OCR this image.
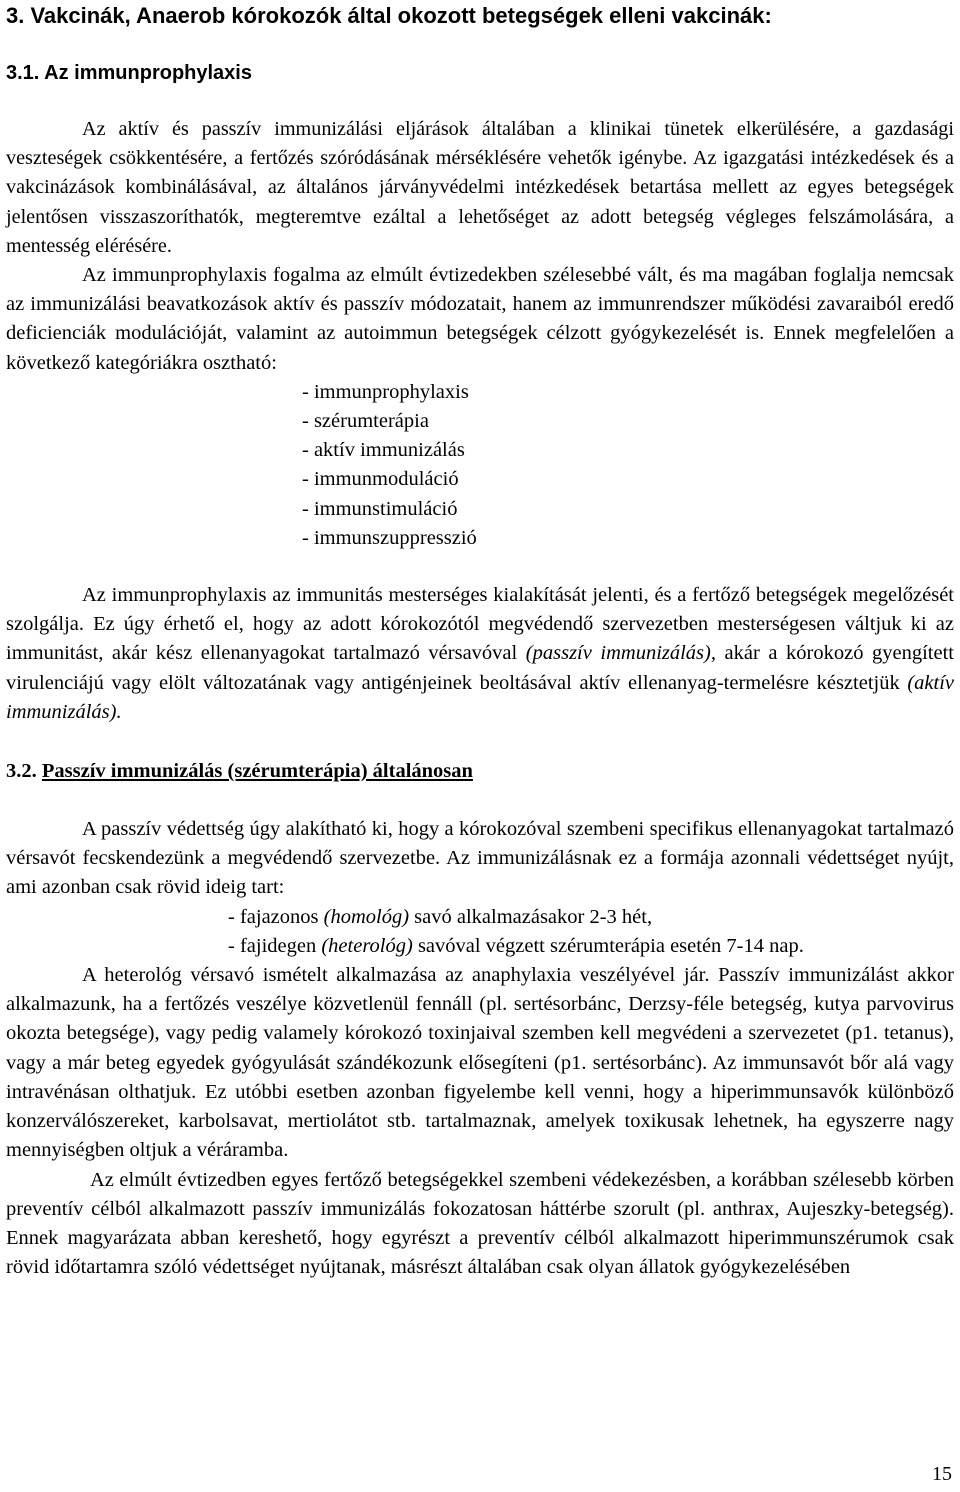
3. Vakcinák, Anaerob kórokozók által okozott betegségek elleni vakcinák:
3.1. Az immunprophylaxis

Az aktív és passzív immunizálási eljárások általában a klinikai tünetek elkerülésére, a gazdasági veszteségek csökkentésére, a fertőzés szóródásának mérséklésére vehetők igénybe. Az igazgatási intézkedések és a vakcinázások kombinálásával, az általános járványvédelmi intézkedések betartása mellett az egyes betegségek jelentősen visszaszoríthatók, megteremtve ezáltal a lehetőséget az adott betegség végleges felszámolására, a mentesség elérésére.

Az immunprophylaxis fogalma az elmúlt évtizedekben szélesebbé vált, és ma magában foglalja nemcsak az immunizálási beavatkozások aktív és passzív módozatait, hanem az immunrendszer működési zavaraiból eredő deficienciák modulációját, valamint az autoimmun betegségek célzott gyógykezelését is. Ennek megfelelően a következő kategóriákra osztható:

- immunprophylaxis
- szérumterápia
- aktív immunizálás
- immunmoduláció
- immunstimuláció
- immunszuppresszió

Az immunprophylaxis az immunitás mesterséges kialakítását jelenti, és a fertőző betegségek megelőzését szolgálja. Ez úgy érhető el, hogy az adott kórokozótól megvédendő szervezetben mesterségesen váltjuk ki az immunitást, akár kész ellenanyagokat tartalmazó vérsavóval (passzív immunizálás), akár a kórokozó gyengített virulenciájú vagy elölt változatának vagy antigénjeinek beoltásával aktív ellenanyag-termelésre késztetjük (aktív immunizálás).

3.2. Passzív immunizálás (szérumterápia) általánosan

A passzív védettség úgy alakítható ki, hogy a kórokozóval szembeni specifikus ellenanyagokat tartalmazó vérsavót fecskendezünk a megvédendő szervezetbe. Az immunizálásnak ez a formája azonnali védettséget nyújt, ami azonban csak rövid ideig tart:

- fajazonos (homológ) savó alkalmazásakor 2-3 hét,
- fajidegen (heterológ) savóval végzett szérumterápia esetén 7-14 nap.

A heterológ vérsavó ismételt alkalmazása az anaphylaxia veszélyével jár. Passzív immunizálást akkor alkalmazunk, ha a fertőzés veszélye közvetlenül fennáll (pl. sertésorbánc, Derzsy-féle betegség, kutya parvovirus okozta betegsége), vagy pedig valamely kórokozó toxinjaival szemben kell megvédeni a szervezetet (p1. tetanus), vagy a már beteg egyedek gyógyulását szándékozunk elősegíteni (p1. sertésorbánc). Az immunsavót bőr alá vagy intravénásan olthatjuk. Ez utóbbi esetben azonban figyelembe kell venni, hogy a hiperimmunsavók különböző konzerválószereket, karbolsavat, mertiolátot stb. tartalmaznak, amelyek toxikusak lehetnek, ha egyszerre nagy mennyiségben oltjuk a véráramba.

Az elmúlt évtizedben egyes fertőző betegségekkel szembeni védekezésben, a korábban szélesebb körben preventív célból alkalmazott passzív immunizálás fokozatosan háttérbe szorult (pl. anthrax, Aujeszky-betegség). Ennek magyarázata abban kereshető, hogy egyrészt a preventív célból alkalmazott hiperimmunszérumok csak rövid időtartamra szóló védettséget nyújtanak, másrészt általában csak olyan állatok gyógykezelésében

15
